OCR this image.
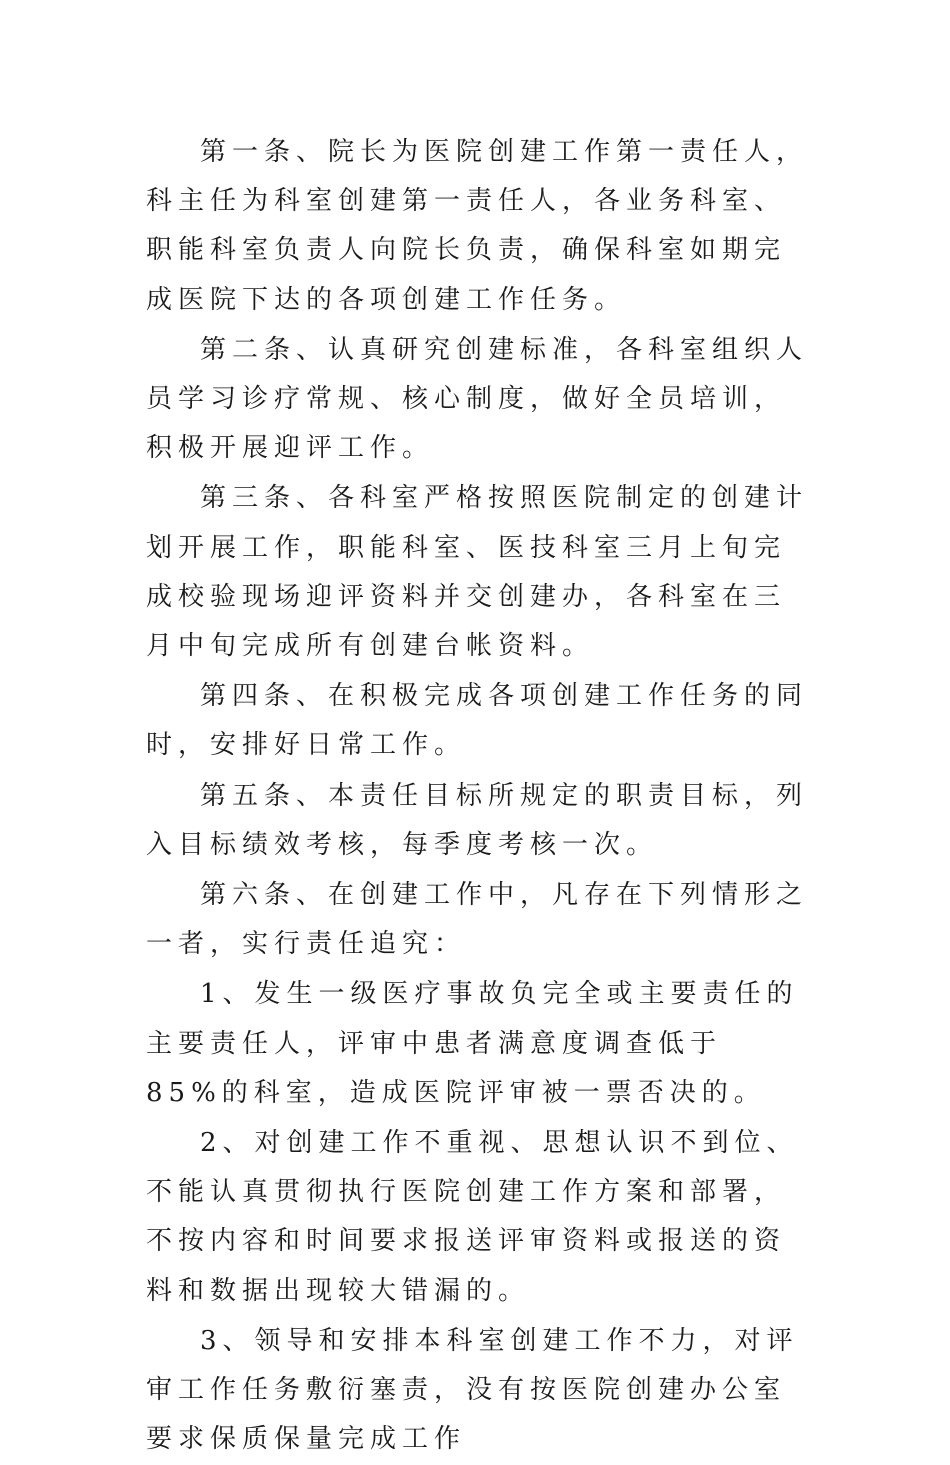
第一条、院长为医院创建工作第一责任人，科主任为科室创建第一责任人，各业务科室、职能科室负责人向院长负责，确保科室如期完成医院下达的各项创建工作任务。

第二条、认真研究创建标准，各科室组织人员学习诊疗常规、核心制度，做好全员培训，积极开展迎评工作。

第三条、各科室严格按照医院制定的创建计划开展工作，职能科室、医技科室三月上旬完成校验现场迎评资料并交创建办，各科室在三月中旬完成所有创建台帐资料。

第四条、在积极完成各项创建工作任务的同时，安排好日常工作。

第五条、本责任目标所规定的职责目标，列入目标绩效考核，每季度考核一次。

第六条、在创建工作中，凡存在下列情形之一者，实行责任追究：

1、发生一级医疗事故负完全或主要责任的主要责任人，评审中患者满意度调查低于 85%的科室，造成医院评审被一票否决的。

2、对创建工作不重视、思想认识不到位、不能认真贯彻执行医院创建工作方案和部署，不按内容和时间要求报送评审资料或报送的资料和数据出现较大错漏的。

3、领导和安排本科室创建工作不力，对评审工作任务敷衍塞责，没有按医院创建办公室要求保质保量完成工作
